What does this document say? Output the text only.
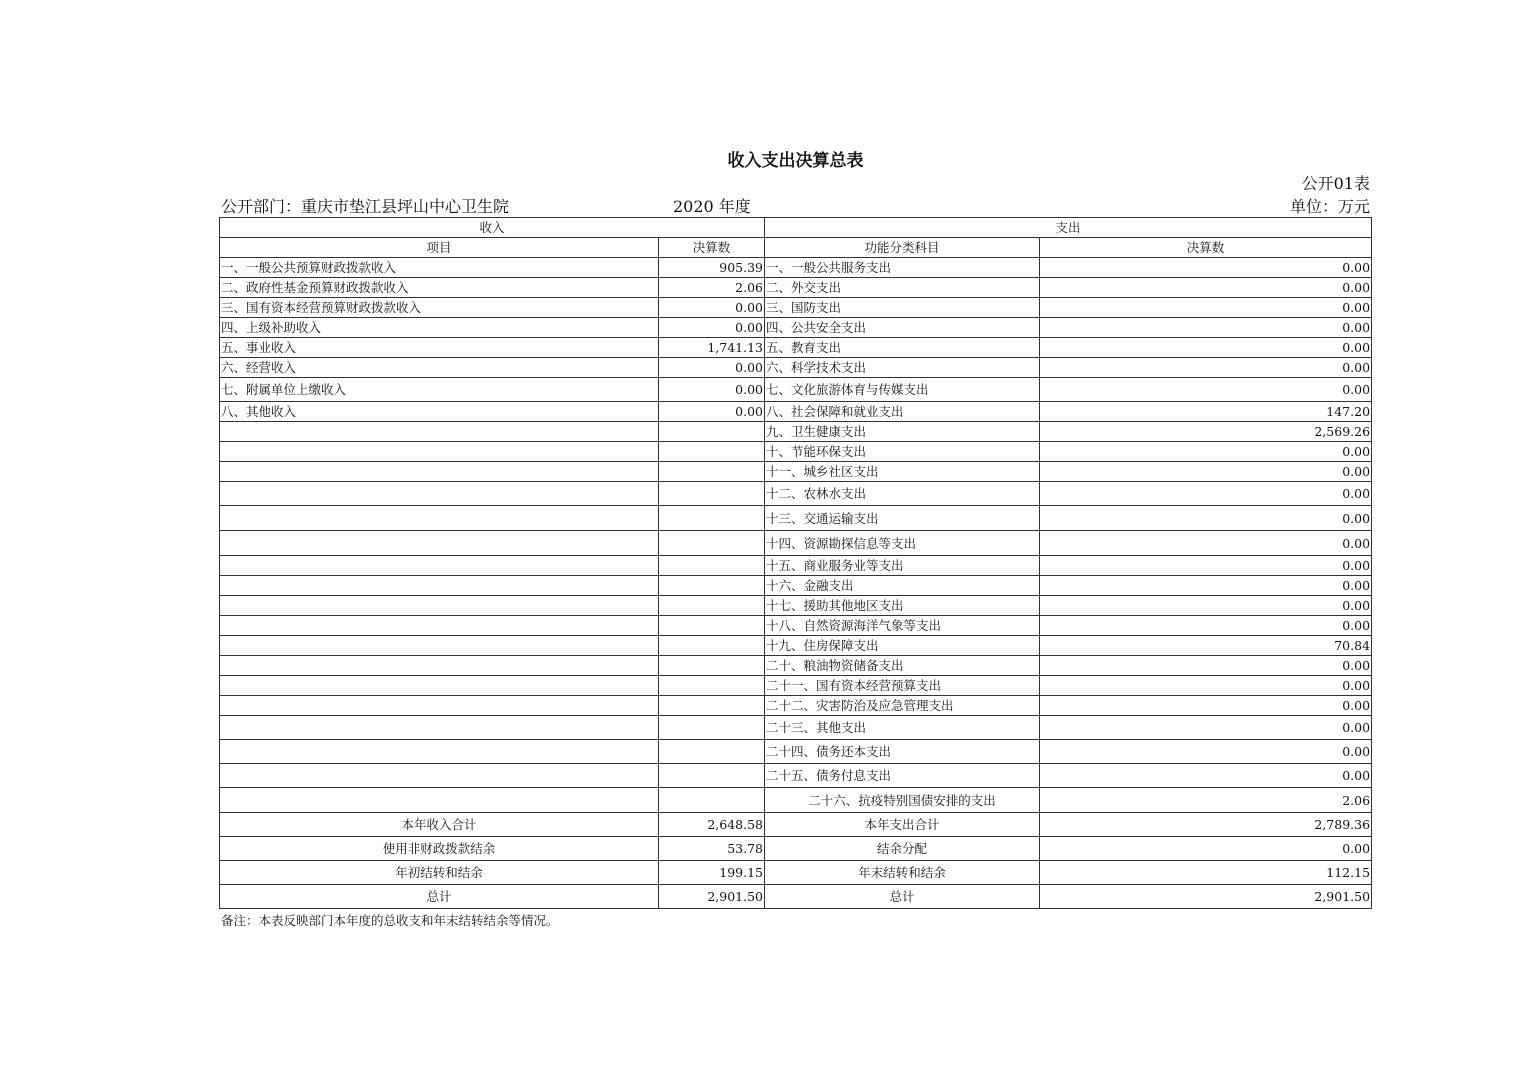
收入支出决算总表
公开01表
公开部门：重庆市垫江县坪山中心卫生院	2020 年度	单位：万元
收入		支出	
项目	决算数	功能分类科目	决算数
一、一般公共预算财政拨款收入	905.39	一、一般公共服务支出	0.00
二、政府性基金预算财政拨款收入	2.06	二、外交支出	0.00
三、国有资本经营预算财政拨款收入	0.00	三、国防支出	0.00
四、上级补助收入	0.00	四、公共安全支出	0.00
五、事业收入	1,741.13	五、教育支出	0.00
六、经营收入	0.00	六、科学技术支出	0.00
七、附属单位上缴收入	0.00	七、文化旅游体育与传媒支出	0.00
八、其他收入	0.00	八、社会保障和就业支出	147.20
		九、卫生健康支出	2,569.26
		十、节能环保支出	0.00
		十一、城乡社区支出	0.00
		十二、农林水支出	0.00
		十三、交通运输支出	0.00
		十四、资源勘探信息等支出	0.00
		十五、商业服务业等支出	0.00
		十六、金融支出	0.00
		十七、援助其他地区支出	0.00
		十八、自然资源海洋气象等支出	0.00
		十九、住房保障支出	70.84
		二十、粮油物资储备支出	0.00
		二十一、国有资本经营预算支出	0.00
		二十二、灾害防治及应急管理支出	0.00
		二十三、其他支出	0.00
		二十四、债务还本支出	0.00
		二十五、债务付息支出	0.00
		二十六、抗疫特别国债安排的支出	2.06
本年收入合计	2,648.58	本年支出合计	2,789.36
使用非财政拨款结余	53.78	结余分配	0.00
年初结转和结余	199.15	年末结转和结余	112.15
总计	2,901.50	总计	2,901.50
备注：本表反映部门本年度的总收支和年末结转结余等情况。
